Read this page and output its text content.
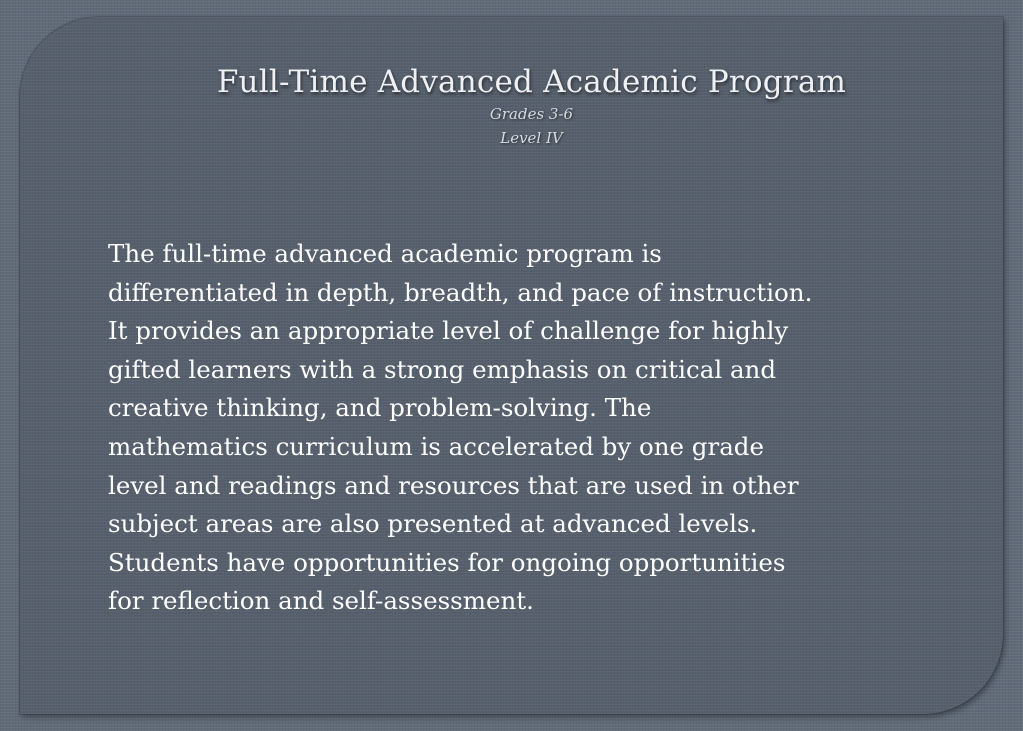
Full-Time Advanced Academic Program

Grades 3-6

Level IV

The full-time advanced academic program is
differentiated in depth, breadth, and pace of instruction.
It provides an appropriate level of challenge for highly
gifted learners with a strong emphasis on critical and
creative thinking, and problem-solving. The
mathematics curriculum is accelerated by one grade
level and readings and resources that are used in other
subject areas are also presented at advanced levels.
Students have opportunities for ongoing opportunities
for reflection and self-assessment.
